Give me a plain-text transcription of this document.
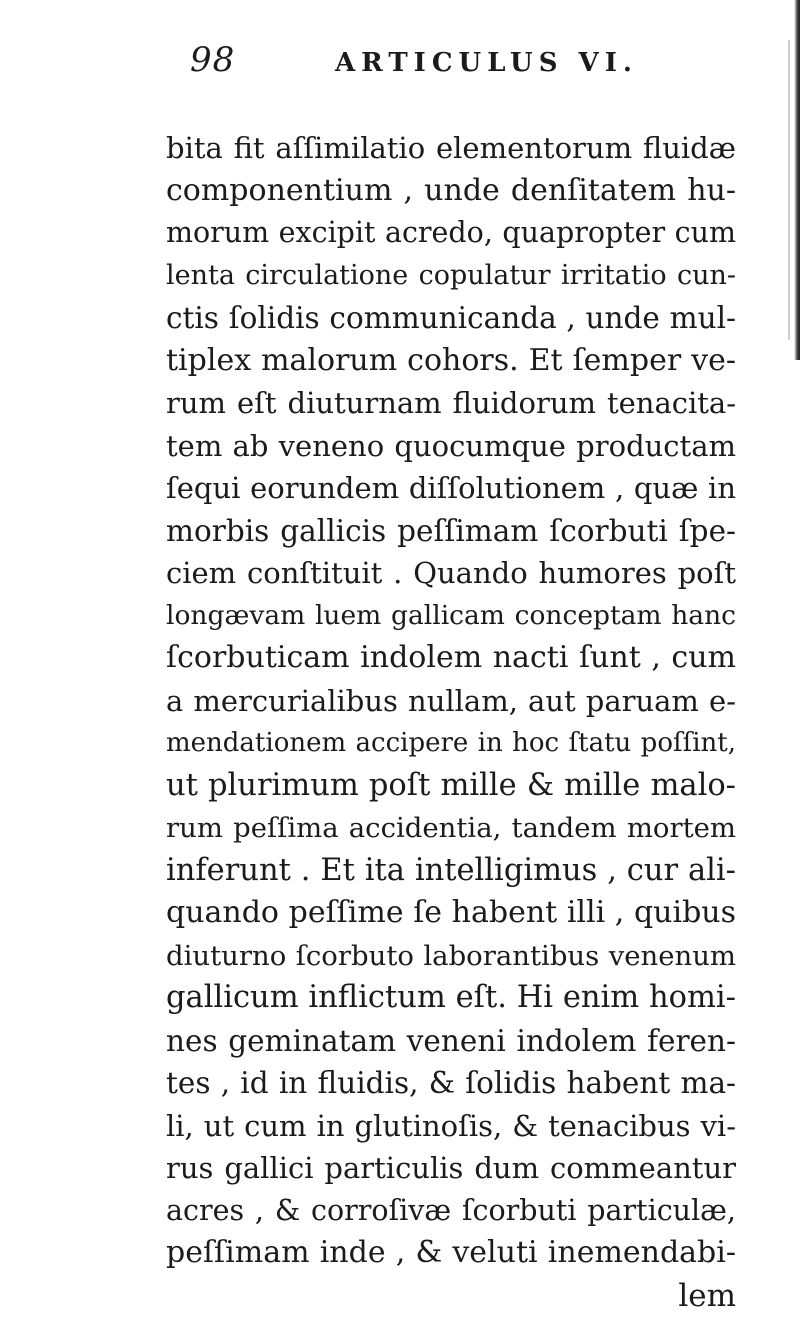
98	ARTICULUS VI.
bita fit aſſimilatio elementorum fluidæ
componentium , unde denſitatem hu-
morum excipit acredo, quapropter cum
lenta circulatione copulatur irritatio cun-
ctis ſolidis communicanda , unde mul-
tiplex malorum cohors. Et ſemper ve-
rum eſt diuturnam fluidorum tenacita-
tem ab veneno quocumque productam
ſequi eorundem diſſolutionem , quæ in
morbis gallicis peſſimam ſcorbuti ſpe-
ciem conſtituit . Quando humores poſt
longævam luem gallicam conceptam hanc
ſcorbuticam indolem nacti ſunt , cum
a mercurialibus nullam, aut paruam e-
mendationem accipere in hoc ſtatu poſſint,
ut plurimum poſt mille & mille malo-
rum peſſima accidentia, tandem mortem
inferunt . Et ita intelligimus , cur ali-
quando peſſime ſe habent illi , quibus
diuturno ſcorbuto laborantibus venenum
gallicum inflictum eſt. Hi enim homi-
nes geminatam veneni indolem feren-
tes , id in fluidis, & ſolidis habent ma-
li, ut cum in glutinoſis, & tenacibus vi-
rus gallici particulis dum commeantur
acres , & corroſivæ ſcorbuti particulæ,
peſſimam inde , & veluti inemendabi-
lem
